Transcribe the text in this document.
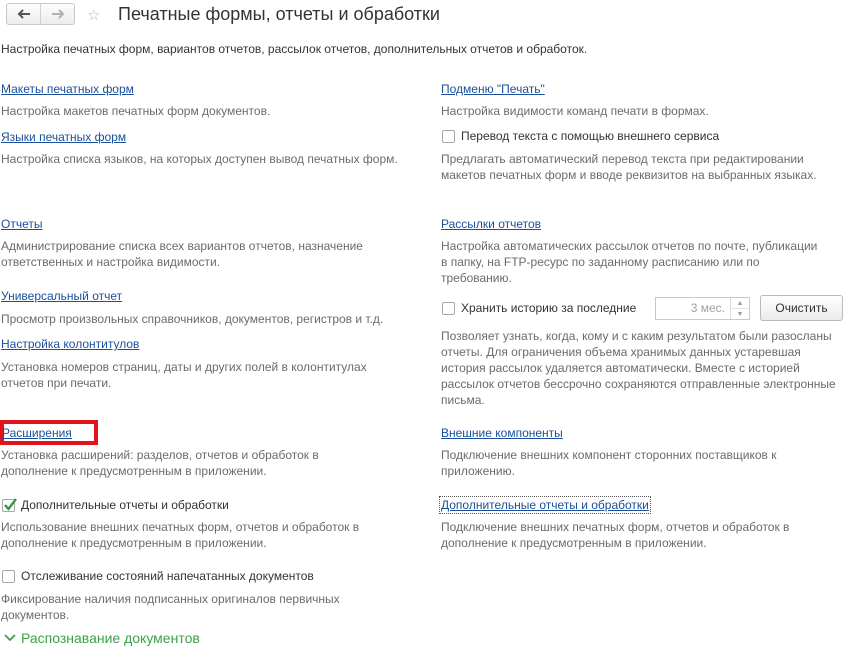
☆ Печатные формы, отчеты и обработки
Настройка печатных форм, вариантов отчетов, рассылок отчетов, дополнительных отчетов и обработок.
Макеты печатных форм
Настройка макетов печатных форм документов.
Языки печатных форм
Настройка списка языков, на которых доступен вывод печатных форм.
Отчеты
Администрирование списка всех вариантов отчетов, назначение ответственных и настройка видимости.
Универсальный отчет
Просмотр произвольных справочников, документов, регистров и т.д.
Настройка колонтитулов
Установка номеров страниц, даты и других полей в колонтитулах отчетов при печати.
Расширения
Установка расширений: разделов, отчетов и обработок в дополнение к предусмотренным в приложении.
Дополнительные отчеты и обработки
Использование внешних печатных форм, отчетов и обработок в дополнение к предусмотренным в приложении.
Отслеживание состояний напечатанных документов
Фиксирование наличия подписанных оригиналов первичных документов.
Распознавание документов
Подменю "Печать"
Настройка видимости команд печати в формах.
Перевод текста с помощью внешнего сервиса
Предлагать автоматический перевод текста при редактировании макетов печатных форм и вводе реквизитов на выбранных языках.
Рассылки отчетов
Настройка автоматических рассылок отчетов по почте, публикации в папку, на FTP-ресурс по заданному расписанию или по требованию.
Хранить историю за последние	3 мес.	▲
▼	Очистить
Позволяет узнать, когда, кому и с каким результатом были разосланы отчеты. Для ограничения объема хранимых данных устаревшая история рассылок удаляется автоматически. Вместе с историей рассылок отчетов бессрочно сохраняются отправленные электронные письма.
Внешние компоненты
Подключение внешних компонент сторонних поставщиков к приложению.
Дополнительные отчеты и обработки
Подключение внешних печатных форм, отчетов и обработок в дополнение к предусмотренным в приложении.
